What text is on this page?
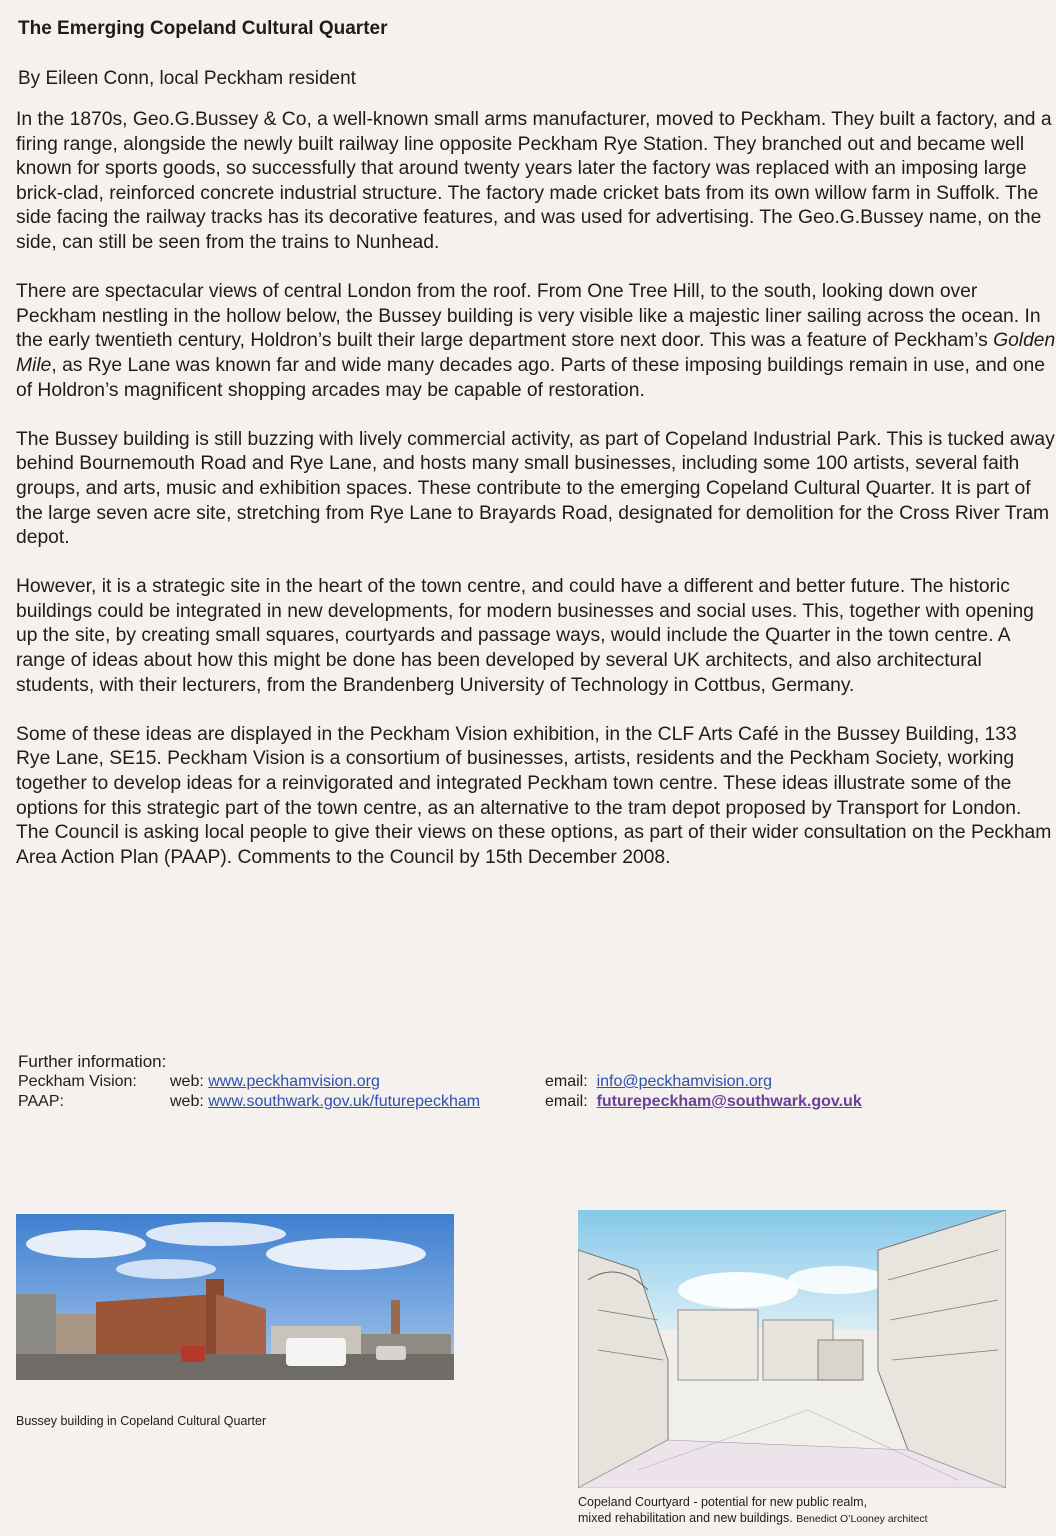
The Emerging Copeland Cultural Quarter

By Eileen Conn, local Peckham resident

In the 1870s, Geo.G.Bussey & Co, a well-known small arms manufacturer, moved to Peckham. They built a factory, and a firing range, alongside the newly built railway line opposite Peckham Rye Station. They branched out and became well known for sports goods, so successfully that around twenty years later the factory was replaced with an imposing large brick-clad, reinforced concrete industrial structure. The factory made cricket bats from its own willow farm in Suffolk. The side facing the railway tracks has its decorative features, and was used for advertising. The Geo.G.Bussey name, on the side, can still be seen from the trains to Nunhead.

There are spectacular views of central London from the roof. From One Tree Hill, to the south, looking down over Peckham nestling in the hollow below, the Bussey building is very visible like a majestic liner sailing across the ocean. In the early twentieth century, Holdron’s built their large department store next door. This was a feature of Peckham’s Golden Mile, as Rye Lane was known far and wide many decades ago. Parts of these imposing buildings remain in use, and one of Holdron’s magnificent shopping arcades may be capable of restoration.

The Bussey building is still buzzing with lively commercial activity, as part of Copeland Industrial Park. This is tucked away behind Bournemouth Road and Rye Lane, and hosts many small businesses, including some 100 artists, several faith groups, and arts, music and exhibition spaces. These contribute to the emerging Copeland Cultural Quarter. It is part of the large seven acre site, stretching from Rye Lane to Brayards Road, designated for demolition for the Cross River Tram depot.

However, it is a strategic site in the heart of the town centre, and could have a different and better future. The historic buildings could be integrated in new developments, for modern businesses and social uses. This, together with opening up the site, by creating small squares, courtyards and passage ways, would include the Quarter in the town centre. A range of ideas about how this might be done has been developed by several UK architects, and also architectural students, with their lecturers, from the Brandenberg University of Technology in Cottbus, Germany.

Some of these ideas are displayed in the Peckham Vision exhibition, in the CLF Arts Café in the Bussey Building, 133 Rye Lane, SE15. Peckham Vision is a consortium of businesses, artists, residents and the Peckham Society, working together to develop ideas for a reinvigorated and integrated Peckham town centre. These ideas illustrate some of the options for this strategic part of the town centre, as an alternative to the tram depot proposed by Transport for London. The Council is asking local people to give their views on these options, as part of their wider consultation on the Peckham Area Action Plan (PAAP). Comments to the Council by 15th December 2008.

Further information:

Peckham Vision: web: www.peckhamvision.org	email: info@peckhamvision.org
PAAP:	web: www.southwark.gov.uk/futurepeckham	email: futurepeckham@southwark.gov.uk
Bussey building in Copeland Cultural Quarter
Copeland Courtyard - potential for new public realm,
mixed rehabilitation and new buildings. Benedict O’Looney architect
